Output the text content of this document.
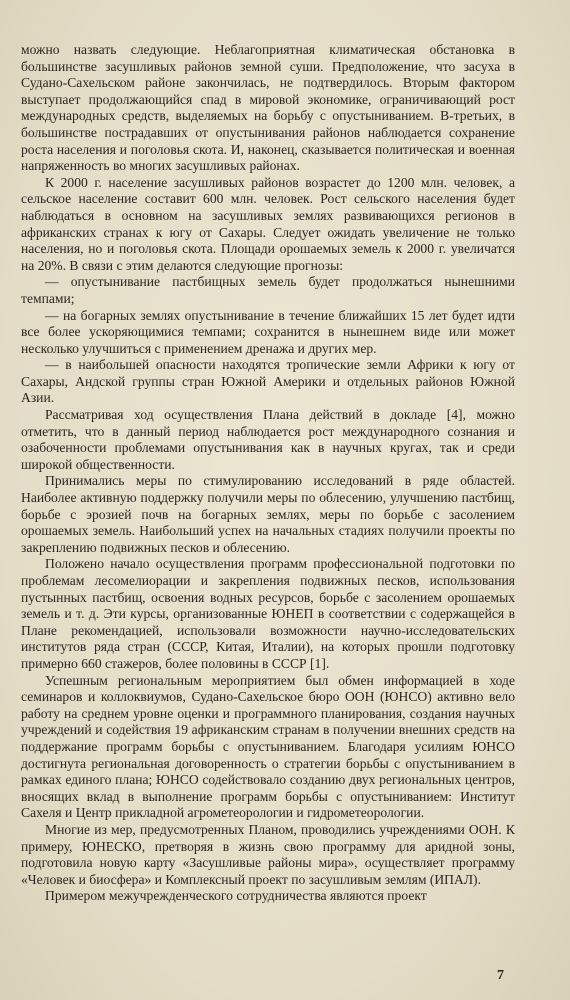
можно назвать следующие. Неблагоприятная климатическая обстановка в большинстве засушливых районов земной суши. Предположение, что засуха в Судано-Сахельском районе закончилась, не подтвердилось. Вторым фактором выступает продолжающийся спад в мировой экономике, ограничивающий рост международных средств, выделяемых на борьбу с опустыниванием. В-третьих, в большинстве пострадавших от опустынивания районов наблюдается сохранение роста населения и поголовья скота. И, наконец, сказывается политическая и военная напряженность во многих засушливых районах.

К 2000 г. население засушливых районов возрастет до 1200 млн. человек, а сельское население составит 600 млн. человек. Рост сельского населения будет наблюдаться в основном на засушливых землях развивающихся регионов в африканских странах к югу от Сахары. Следует ожидать увеличение не только населения, но и поголовья скота. Площади орошаемых земель к 2000 г. увеличатся на 20%. В связи с этим делаются следующие прогнозы:

— опустынивание пастбищных земель будет продолжаться нынешними темпами;

— на богарных землях опустынивание в течение ближайших 15 лет будет идти все более ускоряющимися темпами; сохранится в нынешнем виде или может несколько улучшиться с применением дренажа и других мер.

— в наибольшей опасности находятся тропические земли Африки к югу от Сахары, Андской группы стран Южной Америки и отдельных районов Южной Азии.

Рассматривая ход осуществления Плана действий в докладе [4], можно отметить, что в данный период наблюдается рост международного сознания и озабоченности проблемами опустынивания как в научных кругах, так и среди широкой общественности.

Принимались меры по стимулированию исследований в ряде областей. Наиболее активную поддержку получили меры по облесению, улучшению пастбищ, борьбе с эрозией почв на богарных землях, меры по борьбе с засолением орошаемых земель. Наибольший успех на начальных стадиях получили проекты по закреплению подвижных песков и облесению.

Положено начало осуществления программ профессиональной подготовки по проблемам лесомелиорации и закрепления подвижных песков, использования пустынных пастбищ, освоения водных ресурсов, борьбе с засолением орошаемых земель и т. д. Эти курсы, организованные ЮНЕП в соответствии с содержащейся в Плане рекомендацией, использовали возможности научно-исследовательских институтов ряда стран (СССР, Китая, Италии), на которых прошли подготовку примерно 660 стажеров, более половины в СССР [1].

Успешным региональным мероприятием был обмен информацией в ходе семинаров и коллоквиумов, Судано-Сахельское бюро ООН (ЮНСО) активно вело работу на среднем уровне оценки и программного планирования, создания научных учреждений и содействия 19 африканским странам в получении внешних средств на поддержание программ борьбы с опустыниванием. Благодаря усилиям ЮНСО достигнута региональная договоренность о стратегии борьбы с опустыниванием в рамках единого плана; ЮНСО содействовало созданию двух региональных центров, вносящих вклад в выполнение программ борьбы с опустыниванием: Институт Сахеля и Центр прикладной агрометеорологии и гидрометеорологии.

Многие из мер, предусмотренных Планом, проводились учреждениями ООН. К примеру, ЮНЕСКО, претворяя в жизнь свою программу для аридной зоны, подготовила новую карту «Засушливые районы мира», осуществляет программу «Человек и биосфера» и Комплексный проект по засушливым землям (ИПАЛ).

Примером межучрежденческого сотрудничества являются проект

7
